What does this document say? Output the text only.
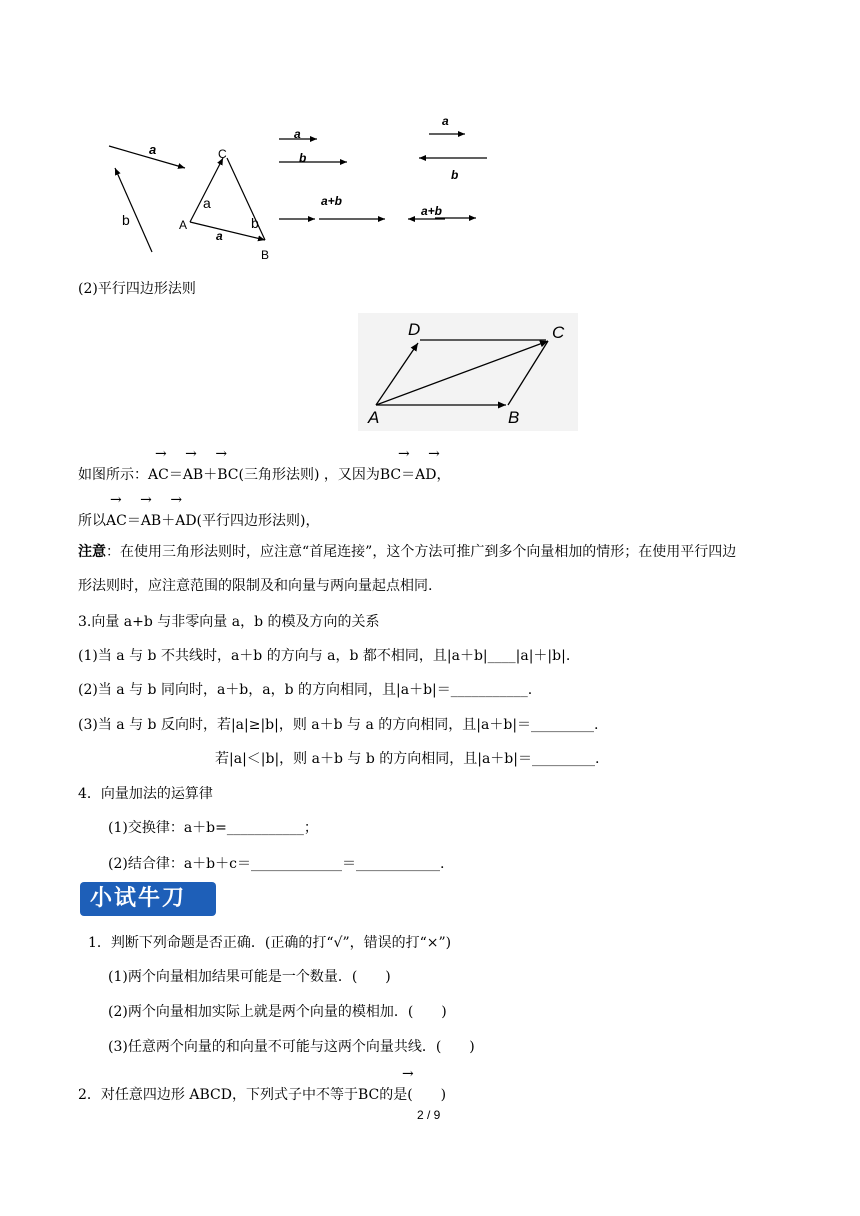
a
b
C
A
B
a
a
b
a
b
a+b
a
b
a+b
(2)平行四边形法则
D	C
A	B
→ → →	→ →
如图所示：AC＝AB＋BC(三角形法则) ，又因为BC＝AD，
→ → →
所以AC＝AB＋AD(平行四边形法则)，
注意：在使用三角形法则时，应注意“首尾连接”，这个方法可推广到多个向量相加的情形；在使用平行四边
形法则时，应注意范围的限制及和向量与两向量起点相同.
3.向量 a+b 与非零向量 a，b 的模及方向的关系
(1)当 a 与 b 不共线时，a＋b 的方向与 a，b 都不相同，且|a＋b|____|a|＋|b|.
(2)当 a 与 b 同向时，a＋b，a，b 的方向相同，且|a＋b|＝___________.
(3)当 a 与 b 反向时，若|a|≥|b|，则 a＋b 与 a 的方向相同，且|a＋b|＝_________.
若|a|＜|b|，则 a＋b 与 b 的方向相同，且|a＋b|＝_________.
4．向量加法的运算律
(1)交换律：a＋b=___________；
(2)结合律：a＋b＋c＝_____________＝____________.
小试牛刀
1．判断下列命题是否正确．(正确的打“√”，错误的打“×”)
(1)两个向量相加结果可能是一个数量．(　　)
(2)两个向量相加实际上就是两个向量的模相加．(　　)
(3)任意两个向量的和向量不可能与这两个向量共线．(　　)
→
2．对任意四边形 ABCD，下列式子中不等于BC的是(　　)
2 / 9
